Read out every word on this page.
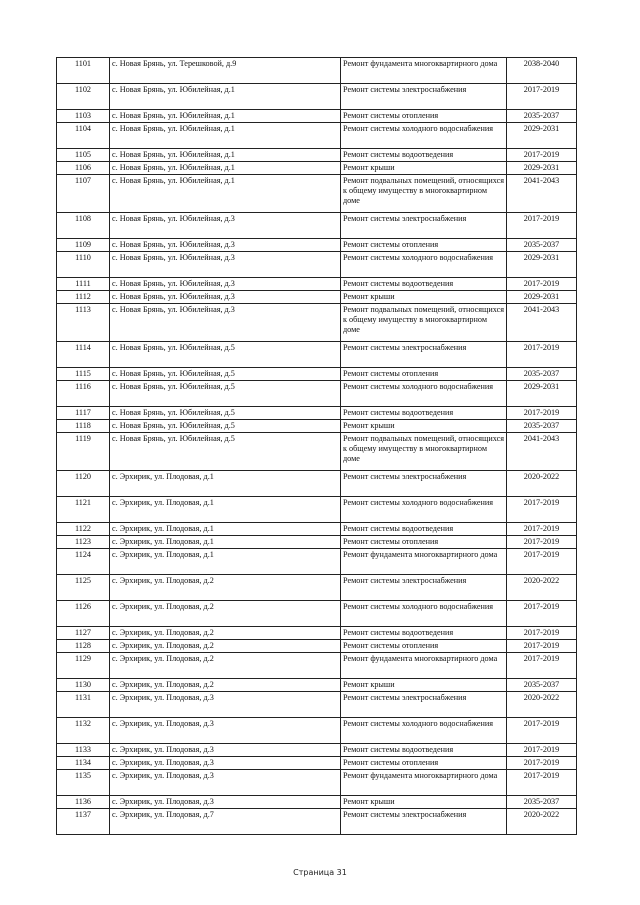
1101	с. Новая Брянь, ул. Терешковой, д.9	Ремонт фундамента многоквартирного дома	2038-2040
1102	с. Новая Брянь, ул. Юбилейная, д.1	Ремонт системы электроснабжения	2017-2019
1103	с. Новая Брянь, ул. Юбилейная, д.1	Ремонт системы отопления	2035-2037
1104	с. Новая Брянь, ул. Юбилейная, д.1	Ремонт системы холодного водоснабжения	2029-2031
1105	с. Новая Брянь, ул. Юбилейная, д.1	Ремонт системы водоотведения	2017-2019
1106	с. Новая Брянь, ул. Юбилейная, д.1	Ремонт крыши	2029-2031
1107	с. Новая Брянь, ул. Юбилейная, д.1	Ремонт подвальных помещений, относящихся к общему имуществу в многоквартирном доме	2041-2043
1108	с. Новая Брянь, ул. Юбилейная, д.3	Ремонт системы электроснабжения	2017-2019
1109	с. Новая Брянь, ул. Юбилейная, д.3	Ремонт системы отопления	2035-2037
1110	с. Новая Брянь, ул. Юбилейная, д.3	Ремонт системы холодного водоснабжения	2029-2031
1111	с. Новая Брянь, ул. Юбилейная, д.3	Ремонт системы водоотведения	2017-2019
1112	с. Новая Брянь, ул. Юбилейная, д.3	Ремонт крыши	2029-2031
1113	с. Новая Брянь, ул. Юбилейная, д.3	Ремонт подвальных помещений, относящихся к общему имуществу в многоквартирном доме	2041-2043
1114	с. Новая Брянь, ул. Юбилейная, д.5	Ремонт системы электроснабжения	2017-2019
1115	с. Новая Брянь, ул. Юбилейная, д.5	Ремонт системы отопления	2035-2037
1116	с. Новая Брянь, ул. Юбилейная, д.5	Ремонт системы холодного водоснабжения	2029-2031
1117	с. Новая Брянь, ул. Юбилейная, д.5	Ремонт системы водоотведения	2017-2019
1118	с. Новая Брянь, ул. Юбилейная, д.5	Ремонт крыши	2035-2037
1119	с. Новая Брянь, ул. Юбилейная, д.5	Ремонт подвальных помещений, относящихся к общему имуществу в многоквартирном доме	2041-2043
1120	с. Эрхирик, ул. Плодовая, д.1	Ремонт системы электроснабжения	2020-2022
1121	с. Эрхирик, ул. Плодовая, д.1	Ремонт системы холодного водоснабжения	2017-2019
1122	с. Эрхирик, ул. Плодовая, д.1	Ремонт системы водоотведения	2017-2019
1123	с. Эрхирик, ул. Плодовая, д.1	Ремонт системы отопления	2017-2019
1124	с. Эрхирик, ул. Плодовая, д.1	Ремонт фундамента многоквартирного дома	2017-2019
1125	с. Эрхирик, ул. Плодовая, д.2	Ремонт системы электроснабжения	2020-2022
1126	с. Эрхирик, ул. Плодовая, д.2	Ремонт системы холодного водоснабжения	2017-2019
1127	с. Эрхирик, ул. Плодовая, д.2	Ремонт системы водоотведения	2017-2019
1128	с. Эрхирик, ул. Плодовая, д.2	Ремонт системы отопления	2017-2019
1129	с. Эрхирик, ул. Плодовая, д.2	Ремонт фундамента многоквартирного дома	2017-2019
1130	с. Эрхирик, ул. Плодовая, д.2	Ремонт крыши	2035-2037
1131	с. Эрхирик, ул. Плодовая, д.3	Ремонт системы электроснабжения	2020-2022
1132	с. Эрхирик, ул. Плодовая, д.3	Ремонт системы холодного водоснабжения	2017-2019
1133	с. Эрхирик, ул. Плодовая, д.3	Ремонт системы водоотведения	2017-2019
1134	с. Эрхирик, ул. Плодовая, д.3	Ремонт системы отопления	2017-2019
1135	с. Эрхирик, ул. Плодовая, д.3	Ремонт фундамента многоквартирного дома	2017-2019
1136	с. Эрхирик, ул. Плодовая, д.3	Ремонт крыши	2035-2037
1137	с. Эрхирик, ул. Плодовая, д.7	Ремонт системы электроснабжения	2020-2022
Страница 31
